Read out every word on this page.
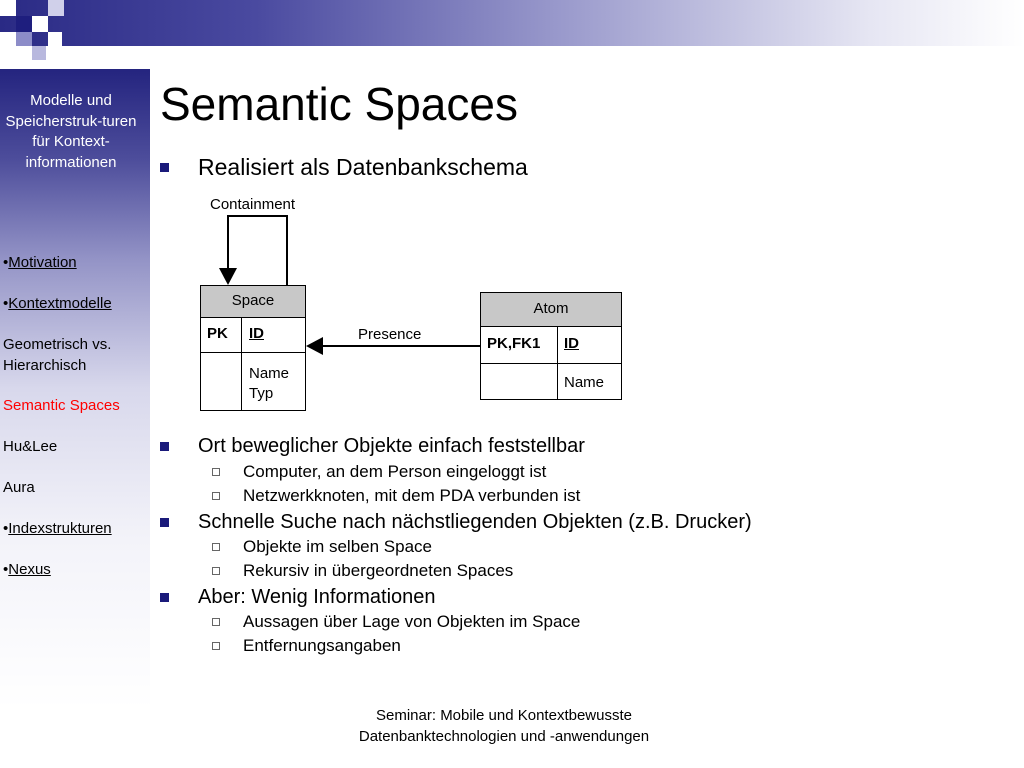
Modelle und Speicherstruk-turen für Kontext-informationen
•Motivation
•Kontextmodelle
Geometrisch vs. Hierarchisch
Semantic Spaces
Hu&Lee
Aura
•Indexstrukturen
•Nexus
Semantic Spaces
Realisiert als Datenbankschema
Containment
Presence
Space
PK ID
Name
Typ
Atom
PK,FK1 ID
Name
Ort beweglicher Objekte einfach feststellbar
Computer, an dem Person eingeloggt ist
Netzwerkknoten, mit dem PDA verbunden ist
Schnelle Suche nach nächstliegenden Objekten (z.B. Drucker)
Objekte im selben Space
Rekursiv in übergeordneten Spaces
Aber: Wenig Informationen
Aussagen über Lage von Objekten im Space
Entfernungsangaben
Seminar: Mobile und Kontextbewusste
Datenbanktechnologien und -anwendungen
